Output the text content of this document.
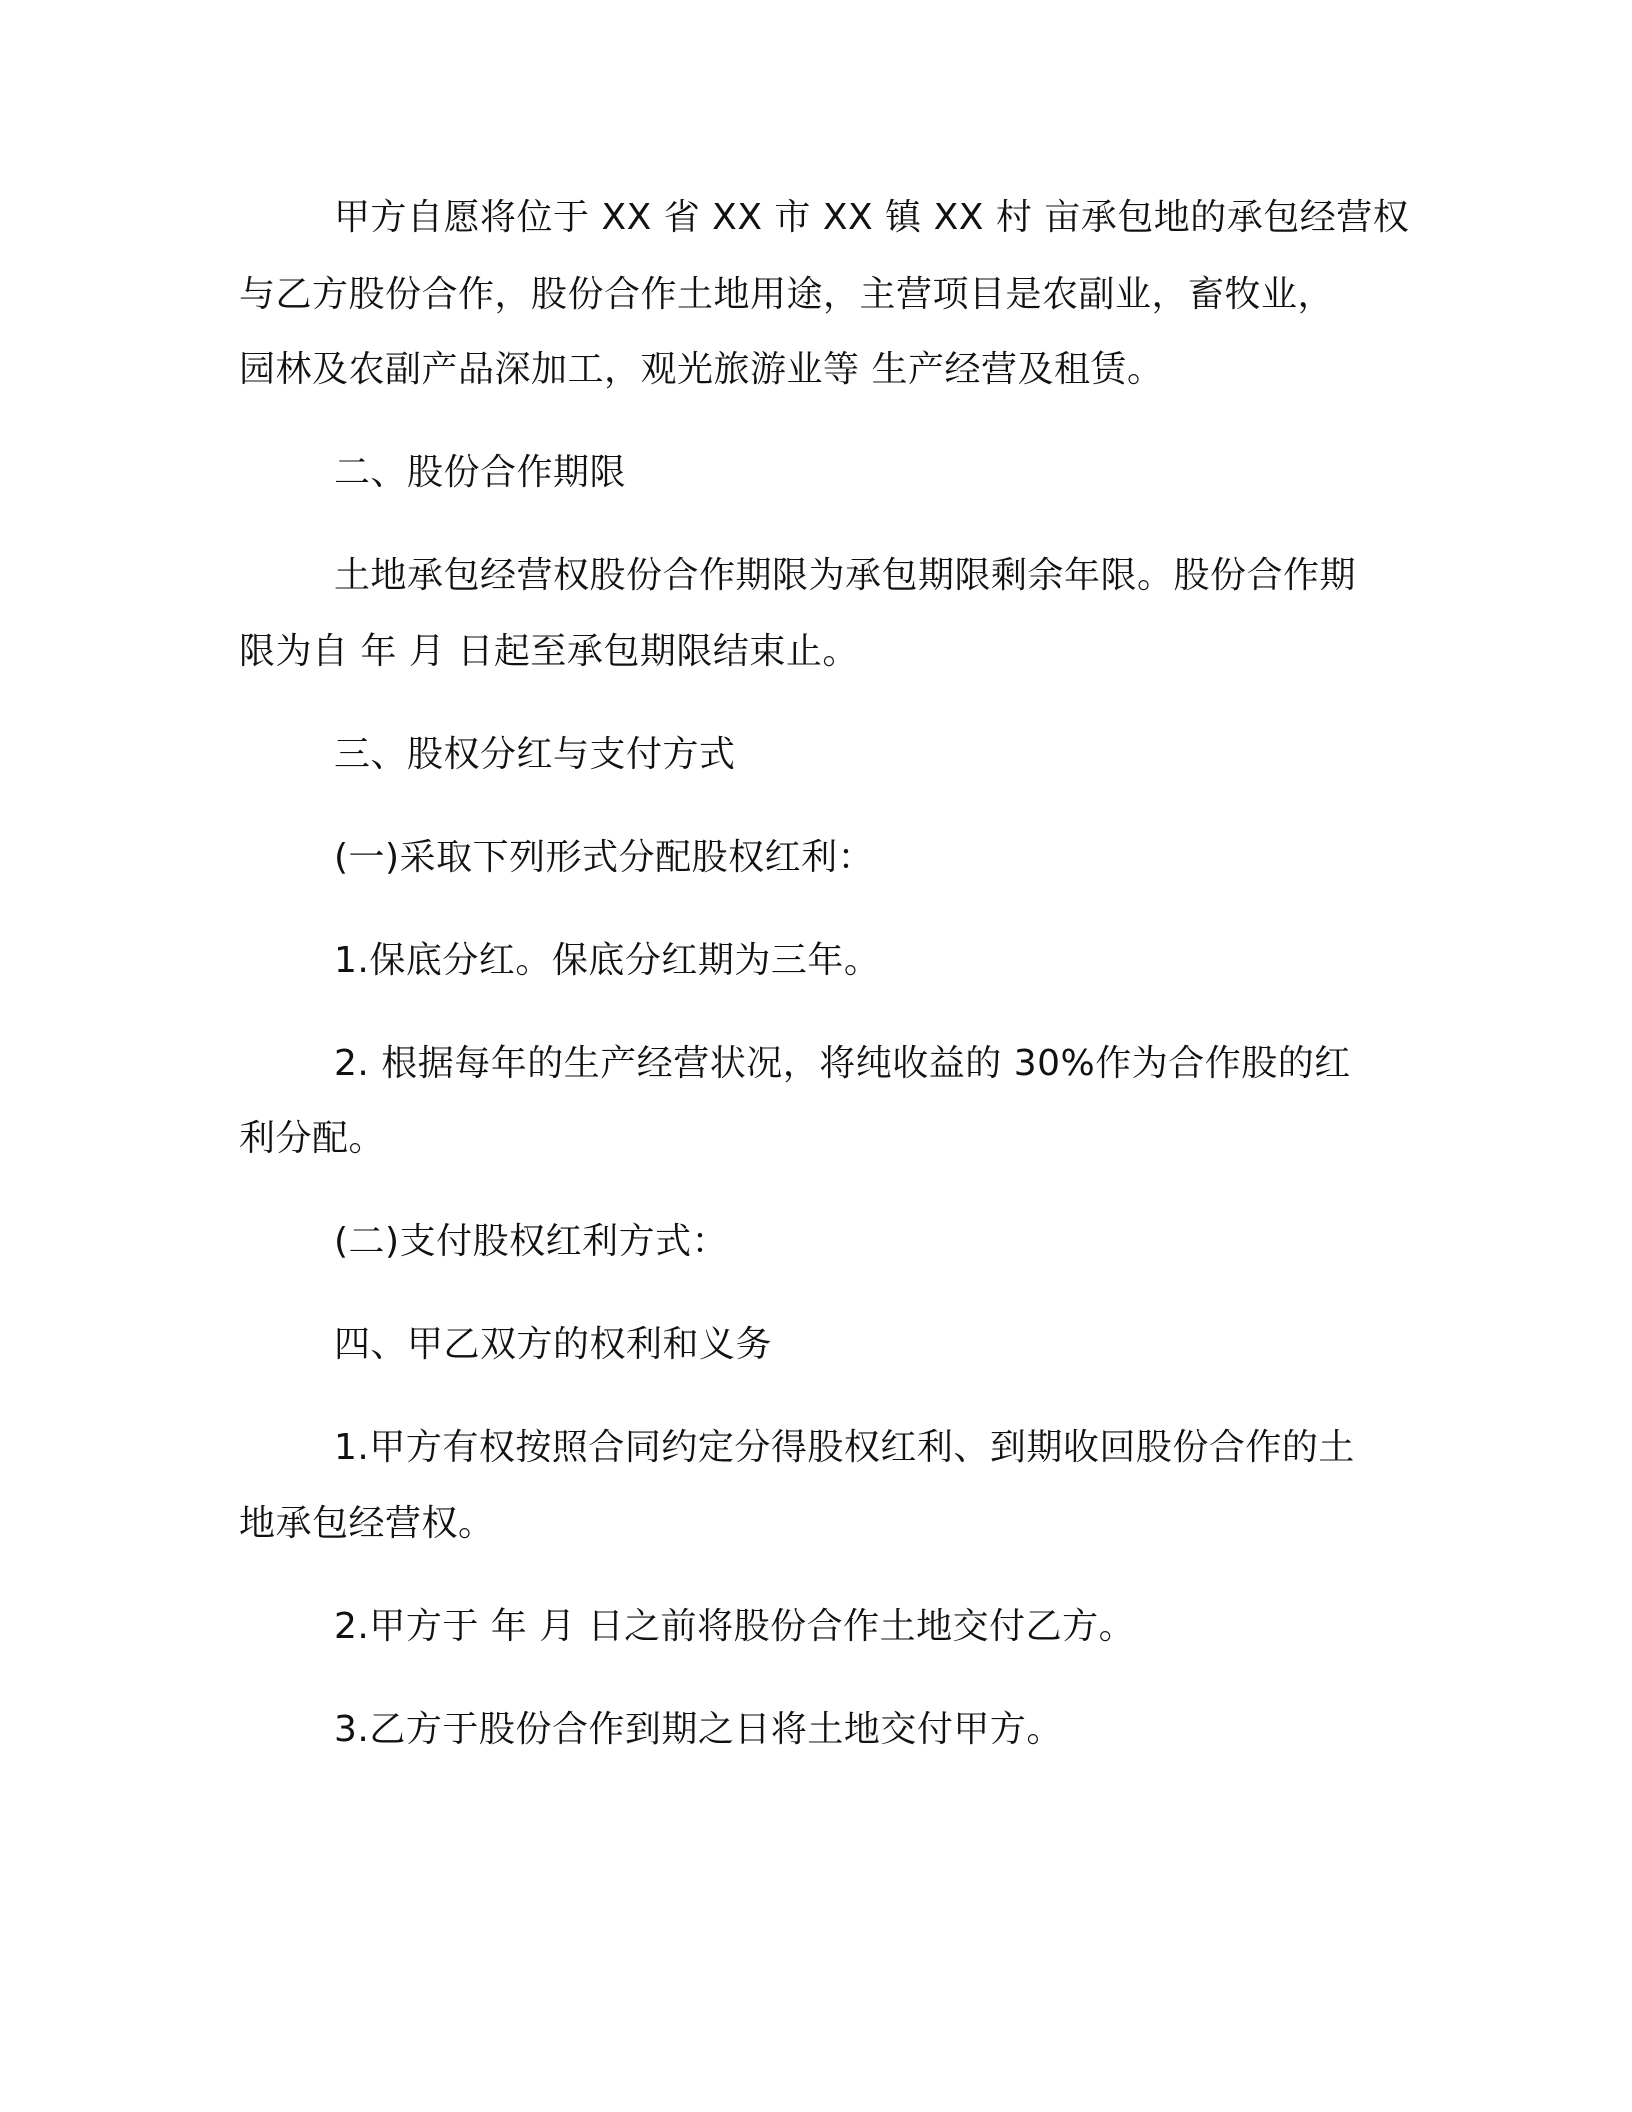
甲方自愿将位于 XX 省 XX 市 XX 镇 XX 村 亩承包地的承包经营权
与乙方股份合作，股份合作土地用途，主营项目是农副业，畜牧业，
园林及农副产品深加工，观光旅游业等 生产经营及租赁。
二、股份合作期限
土地承包经营权股份合作期限为承包期限剩余年限。股份合作期
限为自 年 月 日起至承包期限结束止。
三、股权分红与支付方式
(一)采取下列形式分配股权红利：
1.保底分红。保底分红期为三年。
2. 根据每年的生产经营状况，将纯收益的 30%作为合作股的红
利分配。
(二)支付股权红利方式：
四、甲乙双方的权利和义务
1.甲方有权按照合同约定分得股权红利、到期收回股份合作的土
地承包经营权。
2.甲方于 年 月 日之前将股份合作土地交付乙方。
3.乙方于股份合作到期之日将土地交付甲方。
